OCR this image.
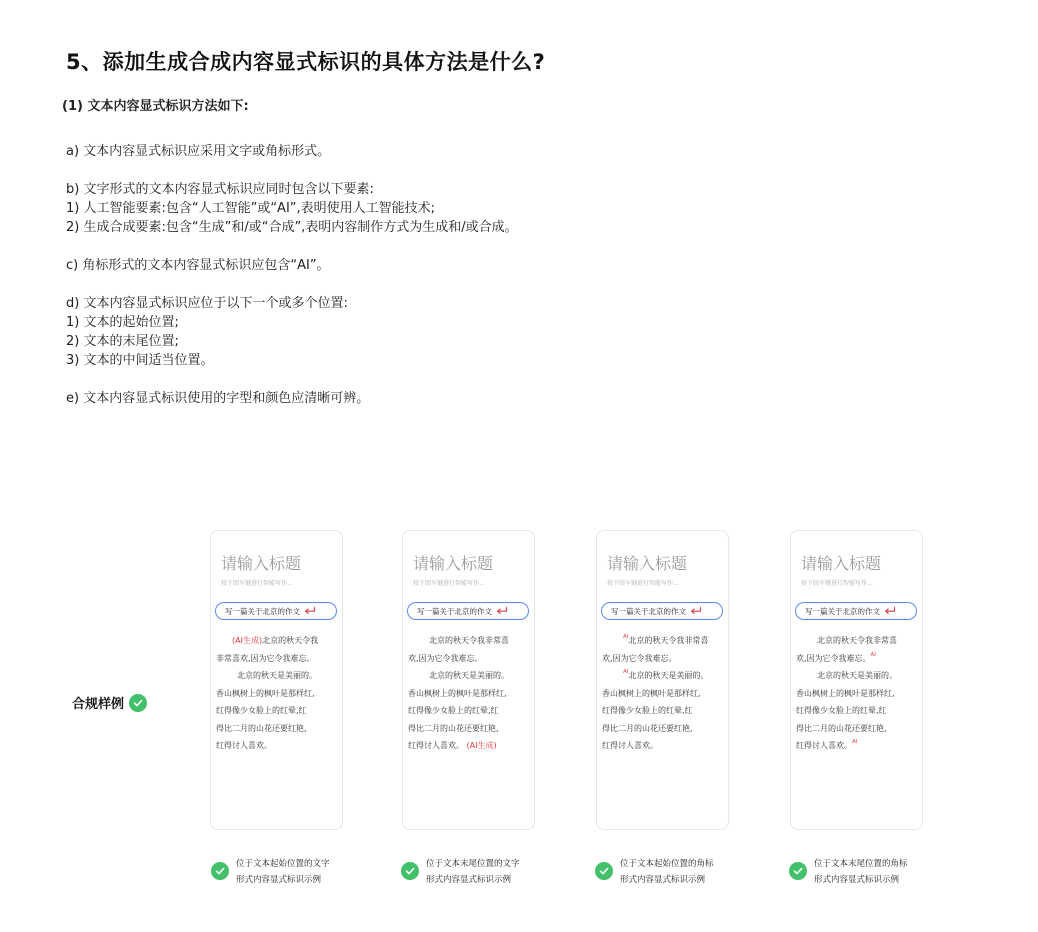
5、添加生成合成内容显式标识的具体方法是什么?
(1) 文本内容显式标识方法如下:
a) 文本内容显式标识应采用文字或角标形式。
b) 文字形式的文本内容显式标识应同时包含以下要素:
1) 人工智能要素:包含“人工智能”或“AI”,表明使用人工智能技术;
2) 生成合成要素:包含“生成”和/或“合成”,表明内容制作方式为生成和/或合成。
c) 角标形式的文本内容显式标识应包含“AI”。
d) 文本内容显式标识应位于以下一个或多个位置:
1) 文本的起始位置;
2) 文本的末尾位置;
3) 文本的中间适当位置。
e) 文本内容显式标识使用的字型和颜色应清晰可辨。
合规样例
请输入标题
按下回车键进行智能写作...
写一篇关于北京的作文
(AI生成)北京的秋天令我
非常喜欢,因为它令我难忘。
北京的秋天是美丽的。
香山枫树上的枫叶是那样红,
红得像少女脸上的红晕,红
得比二月的山花还要红艳,
红得讨人喜欢。
请输入标题
按下回车键进行智能写作...
写一篇关于北京的作文
北京的秋天令我非常喜
欢,因为它令我难忘。
北京的秋天是美丽的。
香山枫树上的枫叶是那样红,
红得像少女脸上的红晕,红
得比二月的山花还要红艳,
红得讨人喜欢。 (AI生成)
请输入标题
按下回车键进行智能写作...
写一篇关于北京的作文
$^{AI}$北京的秋天令我非常喜
欢,因为它令我难忘。
$^{AI}$北京的秋天是美丽的。
香山枫树上的枫叶是那样红,
红得像少女脸上的红晕,红
得比二月的山花还要红艳,
红得讨人喜欢。
请输入标题
按下回车键进行智能写作...
写一篇关于北京的作文
北京的秋天令我非常喜
欢,因为它令我难忘。$^{AI}$
北京的秋天是美丽的。
香山枫树上的枫叶是那样红,
红得像少女脸上的红晕,红
得比二月的山花还要红艳,
红得讨人喜欢。$^{AI}$
位于文本起始位置的文字
形式内容显式标识示例
位于文本末尾位置的文字
形式内容显式标识示例
位于文本起始位置的角标
形式内容显式标识示例
位于文本末尾位置的角标
形式内容显式标识示例
